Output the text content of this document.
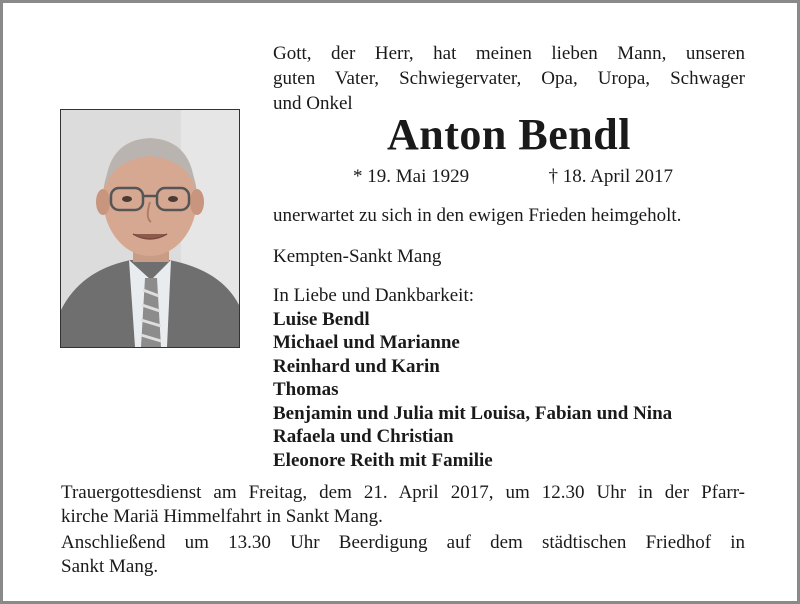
Gott, der Herr, hat meinen lieben Mann, unseren
guten Vater, Schwiegervater, Opa, Uropa, Schwager
und Onkel
Anton Bendl
* 19. Mai 1929	† 18. April 2017
unerwartet zu sich in den ewigen Frieden heimgeholt.
Kempten-Sankt Mang
In Liebe und Dankbarkeit:
Luise Bendl
Michael und Marianne
Reinhard und Karin
Thomas
Benjamin und Julia mit Louisa, Fabian und Nina
Rafaela und Christian
Eleonore Reith mit Familie
Trauergottesdienst am Freitag, dem 21. April 2017, um 12.30 Uhr in der Pfarr-
kirche Mariä Himmelfahrt in Sankt Mang.
Anschließend um 13.30 Uhr Beerdigung auf dem städtischen Friedhof in
Sankt Mang.
